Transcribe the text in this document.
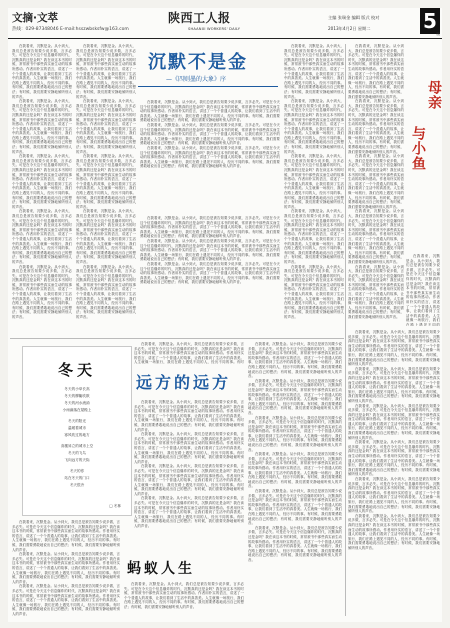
文摘·文萃
热线：029-87348046 E-mail:hsszwbsksfw@163.com
陕西工人报
SHAANXI WORKERS' DAILY
主编 张瑞金 编辑 版式 校对
2013年4月2日 星期二	5
版
沉默不是金
—《四则墨的大象》序
母亲
与小鱼

在我看来，沉默是金。从小到大，我们总是被告知要少说多做，言多必失。可是在今天这个信息爆炸的时代，沉默真的还是金吗？我在读这本书的时候，常常被书中那些真实而生动的故事所感动。作者用朴实的语言，讲述了一个个普通人的故事，让我们看到了生活中的真善美。人生就像一场旅行，我们在路上遇见不同的人，经历不同的事。有时候，我们需要勇敢地说出自己的想法；有时候，我们需要安静地倾听别人的声音。

在我看来，沉默是金。从小到大，我们总是被告知要少说多做，言多必失。可是在今天这个信息爆炸的时代，沉默真的还是金吗？我在读这本书的时候，常常被书中那些真实而生动的故事所感动。作者用朴实的语言，讲述了一个个普通人的故事，让我们看到了生活中的真善美。人生就像一场旅行，我们在路上遇见不同的人，经历不同的事。有时候，我们需要勇敢地说出自己的想法；有时候，我们需要安静地倾听别人的声音。

在我看来，沉默是金。从小到大，我们总是被告知要少说多做，言多必失。可是在今天这个信息爆炸的时代，沉默真的还是金吗？我在读这本书的时候，常常被书中那些真实而生动的故事所感动。作者用朴实的语言，讲述了一个个普通人的故事，让我们看到了生活中的真善美。人生就像一场旅行，我们在路上遇见不同的人，经历不同的事。有时候，我们需要勇敢地说出自己的想法；有时候，我们需要安静地倾听别人的声音。

在我看来，沉默是金。从小到大，我们总是被告知要少说多做，言多必失。可是在今天这个信息爆炸的时代，沉默真的还是金吗？我在读这本书的时候，常常被书中那些真实而生动的故事所感动。作者用朴实的语言，讲述了一个个普通人的故事，让我们看到了生活中的真善美。人生就像一场旅行，我们在路上遇见不同的人，经历不同的事。有时候，我们需要勇敢地说出自己的想法；有时候，我们需要安静地倾听别人的声音。

在我看来，沉默是金。从小到大，我们总是被告知要少说多做，言多必失。可是在今天这个信息爆炸的时代，沉默真的还是金吗？我在读这本书的时候，常常被书中那些真实而生动的故事所感动。作者用朴实的语言，讲述了一个个普通人的故事，让我们看到了生活中的真善美。人生就像一场旅行，我们在路上遇见不同的人，经历不同的事。有时候，我们需要勇敢地说出自己的想法；有时候，我们需要安静地倾听别人的声音。

在我看来，沉默是金。从小到大，我们总是被告知要少说多做，言多必失。可是在今天这个信息爆炸的时代，沉默真的还是金吗？我在读这本书的时候，常常被书中那些真实而生动的故事所感动。作者用朴实的语言，讲述了一个个普通人的故事，让我们看到了生活中的真善美。人生就像一场旅行，我们在路上遇见不同的人，经历不同的事。有时候，我们需要勇敢地说出自己的想法；有时候，我们需要安静地倾听别人的声音。

在我看来，沉默是金。从小到大，我们总是被告知要少说多做，言多必失。可是在今天这个信息爆炸的时代，沉默真的还是金吗？我在读这本书的时候，常常被书中那些真实而生动的故事所感动。作者用朴实的语言，讲述了一个个普通人的故事，让我们看到了生活中的真善美。人生就像一场旅行，我们在路上遇见不同的人，经历不同的事。有时候，我们需要勇敢地说出自己的想法；有时候，我们需要安静地倾听别人的声音。

在我看来，沉默是金。从小到大，我们总是被告知要少说多做，言多必失。可是在今天这个信息爆炸的时代，沉默真的还是金吗？我在读这本书的时候，常常被书中那些真实而生动的故事所感动。作者用朴实的语言，讲述了一个个普通人的故事，让我们看到了生活中的真善美。人生就像一场旅行，我们在路上遇见不同的人，经历不同的事。有时候，我们需要勇敢地说出自己的想法；有时候，我们需要安静地倾听别人的声音。

在我看来，沉默是金。从小到大，我们总是被告知要少说多做，言多必失。可是在今天这个信息爆炸的时代，沉默真的还是金吗？我在读这本书的时候，常常被书中那些真实而生动的故事所感动。作者用朴实的语言，讲述了一个个普通人的故事，让我们看到了生活中的真善美。人生就像一场旅行，我们在路上遇见不同的人，经历不同的事。有时候，我们需要勇敢地说出自己的想法；有时候，我们需要安静地倾听别人的声音。

在我看来，沉默是金。从小到大，我们总是被告知要少说多做，言多必失。可是在今天这个信息爆炸的时代，沉默真的还是金吗？我在读这本书的时候，常常被书中那些真实而生动的故事所感动。作者用朴实的语言，讲述了一个个普通人的故事，让我们看到了生活中的真善美。人生就像一场旅行，我们在路上遇见不同的人，经历不同的事。有时候，我们需要勇敢地说出自己的想法；有时候，我们需要安静地倾听别人的声音。

在我看来，沉默是金。从小到大，我们总是被告知要少说多做，言多必失。可是在今天这个信息爆炸的时代，沉默真的还是金吗？我在读这本书的时候，常常被书中那些真实而生动的故事所感动。作者用朴实的语言，讲述了一个个普通人的故事，让我们看到了生活中的真善美。人生就像一场旅行，我们在路上遇见不同的人，经历不同的事。有时候，我们需要勇敢地说出自己的想法；有时候，我们需要安静地倾听别人的声音。

在我看来，沉默是金。从小到大，我们总是被告知要少说多做，言多必失。可是在今天这个信息爆炸的时代，沉默真的还是金吗？我在读这本书的时候，常常被书中那些真实而生动的故事所感动。作者用朴实的语言，讲述了一个个普通人的故事，让我们看到了生活中的真善美。人生就像一场旅行，我们在路上遇见不同的人，经历不同的事。有时候，我们需要勇敢地说出自己的想法；有时候，我们需要安静地倾听别人的声音。

在我看来，沉默是金。从小到大，我们总是被告知要少说多做，言多必失。可是在今天这个信息爆炸的时代，沉默真的还是金吗？我在读这本书的时候，常常被书中那些真实而生动的故事所感动。作者用朴实的语言，讲述了一个个普通人的故事，让我们看到了生活中的真善美。人生就像一场旅行，我们在路上遇见不同的人，经历不同的事。有时候，我们需要勇敢地说出自己的想法；有时候，我们需要安静地倾听别人的声音。

在我看来，沉默是金。从小到大，我们总是被告知要少说多做，言多必失。可是在今天这个信息爆炸的时代，沉默真的还是金吗？我在读这本书的时候，常常被书中那些真实而生动的故事所感动。作者用朴实的语言，讲述了一个个普通人的故事，让我们看到了生活中的真善美。人生就像一场旅行，我们在路上遇见不同的人，经历不同的事。有时候，我们需要勇敢地说出自己的想法；有时候，我们需要安静地倾听别人的声音。

在我看来，沉默是金。从小到大，我们总是被告知要少说多做，言多必失。可是在今天这个信息爆炸的时代，沉默真的还是金吗？我在读这本书的时候，常常被书中那些真实而生动的故事所感动。作者用朴实的语言，讲述了一个个普通人的故事，让我们看到了生活中的真善美。人生就像一场旅行，我们在路上遇见不同的人，经历不同的事。有时候，我们需要勇敢地说出自己的想法；有时候，我们需要安静地倾听别人的声音。

在我看来，沉默是金。从小到大，我们总是被告知要少说多做，言多必失。可是在今天这个信息爆炸的时代，沉默真的还是金吗？我在读这本书的时候，常常被书中那些真实而生动的故事所感动。作者用朴实的语言，讲述了一个个普通人的故事，让我们看到了生活中的真善美。人生就像一场旅行，我们在路上遇见不同的人，经历不同的事。有时候，我们需要勇敢地说出自己的想法；有时候，我们需要安静地倾听别人的声音。

在我看来，沉默是金。从小到大，我们总是被告知要少说多做，言多必失。可是在今天这个信息爆炸的时代，沉默真的还是金吗？我在读这本书的时候，常常被书中那些真实而生动的故事所感动。作者用朴实的语言，讲述了一个个普通人的故事，让我们看到了生活中的真善美。人生就像一场旅行，我们在路上遇见不同的人，经历不同的事。有时候，我们需要勇敢地说出自己的想法；有时候，我们需要安静地倾听别人的声音。

在我看来，沉默是金。从小到大，我们总是被告知要少说多做，言多必失。可是在今天这个信息爆炸的时代，沉默真的还是金吗？我在读这本书的时候，常常被书中那些真实而生动的故事所感动。作者用朴实的语言，讲述了一个个普通人的故事，让我们看到了生活中的真善美。人生就像一场旅行，我们在路上遇见不同的人，经历不同的事。有时候，我们需要勇敢地说出自己的想法；有时候，我们需要安静地倾听别人的声音。

在我看来，沉默是金。从小到大，我们总是被告知要少说多做，言多必失。可是在今天这个信息爆炸的时代，沉默真的还是金吗？我在读这本书的时候，常常被书中那些真实而生动的故事所感动。作者用朴实的语言，讲述了一个个普通人的故事，让我们看到了生活中的真善美。人生就像一场旅行，我们在路上遇见不同的人，经历不同的事。有时候，我们需要勇敢地说出自己的想法；有时候，我们需要安静地倾听别人的声音。

在我看来，沉默是金。从小到大，我们总是被告知要少说多做，言多必失。可是在今天这个信息爆炸的时代，沉默真的还是金吗？我在读这本书的时候，常常被书中那些真实而生动的故事所感动。作者用朴实的语言，讲述了一个个普通人的故事，让我们看到了生活中的真善美。人生就像一场旅行，我们在路上遇见不同的人，经历不同的事。有时候，我们需要勇敢地说出自己的想法；有时候，我们需要安静地倾听别人的声音。

在我看来，沉默是金。从小到大，我们总是被告知要少说多做，言多必失。可是在今天这个信息爆炸的时代，沉默真的还是金吗？我在读这本书的时候，常常被书中那些真实而生动的故事所感动。作者用朴实的语言，讲述了一个个普通人的故事，让我们看到了生活中的真善美。人生就像一场旅行，我们在路上遇见不同的人，经历不同的事。有时候，我们需要勇敢地说出自己的想法；有时候，我们需要安静地倾听别人的声音。

在我看来，沉默是金。从小到大，我们总是被告知要少说多做，言多必失。可是在今天这个信息爆炸的时代，沉默真的还是金吗？我在读这本书的时候，常常被书中那些真实而生动的故事所感动。作者用朴实的语言，讲述了一个个普通人的故事，让我们看到了生活中的真善美。人生就像一场旅行，我们在路上遇见不同的人，经历不同的事。有时候，我们需要勇敢地说出自己的想法；有时候，我们需要安静地倾听别人的声音。

在我看来，沉默是金。从小到大，我们总是被告知要少说多做，言多必失。可是在今天这个信息爆炸的时代，沉默真的还是金吗？我在读这本书的时候，常常被书中那些真实而生动的故事所感动。作者用朴实的语言，讲述了一个个普通人的故事，让我们看到了生活中的真善美。人生就像一场旅行，我们在路上遇见不同的人，经历不同的事。有时候，我们需要勇敢地说出自己的想法；有时候，我们需要安静地倾听别人的声音。

在我看来，沉默是金。从小到大，我们总是被告知要少说多做，言多必失。可是在今天这个信息爆炸的时代，沉默真的还是金吗？我在读这本书的时候，常常被书中那些真实而生动的故事所感动。作者用朴实的语言，讲述了一个个普通人的故事，让我们看到了生活中的真善美。人生就像一场旅行，我们在路上遇见不同的人，经历不同的事。有时候，我们需要勇敢地说出自己的想法；有时候，我们需要安静地倾听别人的声音。

在我看来，沉默是金。从小到大，我们总是被告知要少说多做，言多必失。可是在今天这个信息爆炸的时代，沉默真的还是金吗？我在读这本书的时候，常常被书中那些真实而生动的故事所感动。作者用朴实的语言，讲述了一个个普通人的故事，让我们看到了生活中的真善美。人生就像一场旅行，我们在路上遇见不同的人，经历不同的事。有时候，我们需要勇敢地说出自己的想法；有时候，我们需要安静地倾听别人的声音。

在我看来，沉默是金。从小到大，我们总是被告知要少说多做，言多必失。可是在今天这个信息爆炸的时代，沉默真的还是金吗？我在读这本书的时候，常常被书中那些真实而生动的故事所感动。作者用朴实的语言，讲述了一个个普通人的故事，让我们看到了生活中的真善美。人生就像一场旅行，我们在路上遇见不同的人，经历不同的事。有时候，我们需要勇敢地说出自己的想法；有时候，我们需要安静地倾听别人的声音。

在我看来，沉默是金。从小到大，我们总是被告知要少说多做，言多必失。可是在今天这个信息爆炸的时代，沉默真的还是金吗？我在读这本书的时候，常常被书中那些真实而生动的故事所感动。作者用朴实的语言，讲述了一个个普通人的故事，让我们看到了生活中的真善美。人生就像一场旅行，我们在路上遇见不同的人，经历不同的事。有时候，我们需要勇敢地说出自己的想法；有时候，我们需要安静地倾听别人的声音。

在我看来，沉默是金。从小到大，我们总是被告知要少说多做，言多必失。可是在今天这个信息爆炸的时代，沉默真的还是金吗？我在读这本书的时候，常常被书中那些真实而生动的故事所感动。作者用朴实的语言，讲述了一个个普通人的故事，让我们看到了生活中的真善美。人生就像一场旅行，我们在路上遇见不同的人，经历不同的事。有时候，我们需要勇敢地说出自己的想法；有时候，我们需要安静地倾听别人的声音。

在我看来，沉默是金。从小到大，我们总是被告知要少说多做，言多必失。可是在今天这个信息爆炸的时代，沉默真的还是金吗？我在读这本书的时候，常常被书中那些真实而生动的故事所感动。作者用朴实的语言，讲述了一个个普通人的故事，让我们看到了生活中的真善美。人生就像一场旅行，我们在路上遇见不同的人，经历不同的事。有时候，我们需要勇敢地说出自己的想法；有时候，我们需要安静地倾听别人的声音。

在我看来，沉默是金。从小到大，我们总是被告知要少说多做，言多必失。可是在今天这个信息爆炸的时代，沉默真的还是金吗？我在读这本书的时候，常常被书中那些真实而生动的故事所感动。作者用朴实的语言，讲述了一个个普通人的故事，让我们看到了生活中的真善美。人生就像一场旅行，我们在路上遇见不同的人，经历不同的事。有时候，我们需要勇敢地说出自己的想法；有时候，我们需要安静地倾听别人的声音。

在我看来，沉默是金。从小到大，我们总是被告知要少说多做，言多必失。可是在今天这个信息爆炸的时代，沉默真的还是金吗？我在读这本书的时候，常常被书中那些真实而生动的故事所感动。作者用朴实的语言，讲述了一个个普通人的故事，让我们看到了生活中的真善美。人生就像一场旅行，我们在路上遇见不同的人，经历不同的事。有时候，我们需要勇敢地说出自己的想法；有时候，我们需要安静地倾听别人的声音。

在我看来，沉默是金。从小到大，我们总是被告知要少说多做，言多必失。可是在今天这个信息爆炸的时代，沉默真的还是金吗？我在读这本书的时候，常常被书中那些真实而生动的故事所感动。作者用朴实的语言，讲述了一个个普通人的故事，让我们看到了生活中的真善美。人生就像一场旅行，我们在路上遇见不同的人，经历不同的事。有时候，我们需要勇敢地说出自己的想法；有时候，我们需要安静地倾听别人的声音。

在我看来，沉默是金。从小到大，我们总是被告知要少说多做，言多必失。可是在今天这个信息爆炸的时代，沉默真的还是金吗？我在读这本书的时候，常常被书中那些真实而生动的故事所感动。作者用朴实的语言，讲述了一个个普通人的故事，让我们看到了生活中的真善美。人生就像一场旅行，我们在路上遇见不同的

冬天
冬天的小草长高
冬天的柳絮吹散
冬天的河水流淌
小雨滴落在屋檐上
冬天的阳光
温暖着城市
寒风吹过的地方
高楼耸立的城市上空
冬天的飞鸟
飞向远方的天际
冬天的你
站在冬天的门口
冬天很冷
□ 冬林
远方的远方

在我看来，沉默是金。从小到大，我们总是被告知要少说多做，言多必失。可是在今天这个信息爆炸的时代，沉默真的还是金吗？我在读这本书的时候，常常被书中那些真实而生动的故事所感动。作者用朴实的语言，讲述了一个个普通人的故事，让我们看到了生活中的真善美。人生就像一场旅行，我们在路上遇见不同的人，经历不同的事。有时

在我看来，沉默是金。从小到大，我们总是被告知要少说多做，言多必失。可是在今天这个信息爆炸的时代，沉默真的还是金吗？我在读这本书的时候，常常被书中那些真实而生动的故事所感动。作者用朴实的语言，讲述了一个个普通人的故事，让我们看到了生活中的真善美。人生就像一场旅行，我们在路上遇见不同的人，经历不同的事。有时候，我们需要勇敢地说出自己的想法；有时候，我们需要安静地倾听别人的声音。

在我看来，沉默是金。从小到大，我们总是被告知要少说多做，言多必失。可是在今天这个信息爆炸的时代，沉默真的还是金吗？我在读这本书的时候，常常被书中那些真实而生动的故事所感动。作者用朴实的语言，讲述了一个个普通人的故事，让我们看到了生活中的真善美。人生就像一场旅行，我们在路上遇见不同的人，经历不同的事。有时候，我们需要勇敢地说出自己的想法；有时候，我们需要安静地倾听别人的声音。

在我看来，沉默是金。从小到大，我们总是被告知要少说多做，言多必失。可是在今天这个信息爆炸的时代，沉默真的还是金吗？我在读这本书的时候，常常被书中那些真实而生动的故事所感动。作者用朴实的语言，讲述了一个个普通人的故事，让我们看到了生活中的真善美。人生就像一场旅行，我们在路上遇见不同的人，经历不同的事。有时候，我们需要勇敢地说出自己的想法；有时候，我们需要安静地倾听别人的声音。

在我看来，沉默是金。从小到大，我们总是被告知要少说多做，言多必失。可是在今天这个信息爆炸的时代，沉默真的还是金吗？我在读这本书的时候，常常被书中那些真实而生动的故事所感动。作者用朴实的语言，讲述了一个个普通人的故事，让我们看到了生活中的真善美。人生就像一场旅行，我们在路上遇见不同的人，经历不同的事。有时候，我们需要勇敢地说出自己的想法；有时候，我们需要安静地倾听别人的声音。

在我看来，沉默是金。从小到大，我们总是被告知要少说多做，言多必失。可是在今天这个信息爆炸的时代，沉默真的还是金吗？我在读这本书的时候，常常被书中那些真实而生动的故事所感动。作者用朴实的语言，讲述了一个个普通人的故事，让我们看到了生活中的真善美。人生就像一场旅行，我们在路上遇见不同的人，经历不同的事。有时候，我们需要勇敢地说出自己的想法；有时候，我们需要安静地倾听别人的声音。

在我看来，沉默是金。从小到大，我们总是被告知要少说多做，言多必失。可是在今天这个信息爆炸的时代，沉默真的还是金吗？我在读这本书的时候，常常被书中那些真实而生动的故事所感动。作者用朴实的语言，讲述了一个个普通人的故事，让我们看到了生活中的真善美。人生就像一场旅行，我们在路上遇见不同的人，经历不同的事。有时候，我们需要勇敢地说出自己的想法；有时候，我们需要安静地倾听别人的声音。

在我看来，沉默是金。从小到大，我们总是被告知要少说多做，言多必失。可是在今天这个信息爆炸的时代，沉默真的还是金吗？我在读这本书的时候，常常被书中那些真实而生动的故事所感动。作者用朴实的语言，讲述了一个个普通人的故事，让我们看到了生活中的真善美。人生就像一场旅行，我们在路上遇见不同的人，经历不同的事。有时候，我们需要勇敢地说出自己的想法；有时候，我们需要安静地倾听别人的声音。

在我看来，沉默是金。从小到大，我们总是被告知要少说多做，言多必失。可是在今天这个信息爆炸的时代，沉默真的还是金吗？我在读这本书的时候，常常被书中那些真实而生动的故事所感动。作者用朴实的语言，讲述了一个个普通人的故事，让我们看到了生活中的真善美。人生就像一场旅行，我们在路上遇见不同的人，经历不同的事。有时候，我们需要勇敢地说出自己的想法；有时候，我们需要安静地倾听别人的声音。

在我看来，沉默是金。从小到大，我们总是被告知要少说多做，言多必失。可是在今天这个信息爆炸的时代，沉默真的还是金吗？我在读这本书的时候，常常被书中那些真实而生动的故事所感动。作者用朴实的语言，讲述了一个个普通人的故事，让我们看到了生活中的真善美。人生就像一场旅行，我们在路上遇见不同的人，经历不同的事。有时候，我们需要勇敢地说出自己的想法；有时候，我们需要安静地倾听别人的声音。

在我看来，沉默是金。从小到大，我们总是被告知要少说多做，言多必失。可是在今天这个信息爆炸的时代，沉默真的还是金吗？我在读这本书的时候，常常被书中那些真实而生动的故事所感动。作者用朴实的语言，讲述了一个个普通人的故事，让我们看到了生活中的真善美。人生就像一场旅行，我们在路上遇见不同的人，经历不同的事。有时候，我们需要勇敢地说出自己的想法；有时候，我们需要安静地倾听别人的声音。

在我看来，沉默是金。从小到大，我们总是被告知要少说多做，言多必失。可是在今天这个信息爆炸的时代，沉默真的还是金吗？我在读这本书的时候，常常被书中那些真实而生动的故事所感动。作者用朴实的语言，讲述了一个个普通人的故事，让我们看到了生活中的真善美。人生就像一场旅行，我们在路上遇见不同的人，经历不同的事。有时候，我们需要勇敢地说出自己的想法；有时候，我们需要安静地倾听别人的声音。

在我看来，沉默是金。从小到大，我们总是被告知要少说多做，言多必失。可是在今天这个信息爆炸的时代，沉默真的还是金吗？我在读这本书的时候，常常被书中那些真实而生动的故事所感动。作者用朴实的语言，讲述了一个个普通人的故事，让我们看到了生活中的真善美。人生就像一场旅行，我们在路上遇见不同的人，经历不同的事。有时候，我们需要勇敢地说出自己的想法；有时候，我们需要安静地倾听别人的声音。

在我看来，沉默是金。从小到大，我们总是被告知要少说多做，言多必失。可是在今天这个信息爆炸的时代，沉默真的还是金吗？我在读这本书的时候，常常被书中那些真实而生动的故事所感动。作者用朴实的语言，讲述了一个个普通人的故事，让我们看到了生活中的真善美。人生就像一场旅行，我们在路上遇见不同的人，经历不同的事。有时候，我们需要勇敢地说出自己的想法；有时候，我们需要安静地倾听别人的声音。

蚂蚁人生

在我看来，沉默是金。从小到大，我们总是被告知要少说多做，言多必失。可是在今天这个信息爆炸的时代，沉默真的还是金吗？我在读这本书的时候，常常被书中那些真实而生动的故事所感动。作者用朴实的语言，讲述了一个个普通人的故事，让我们看到了生活中的真善美。人生就像一场旅行，我们在路上遇见不同的人，经历不同的事。有时候，我们需要勇敢地说出自己的想法；有时候，我们需要安静地倾听别人的声音。
